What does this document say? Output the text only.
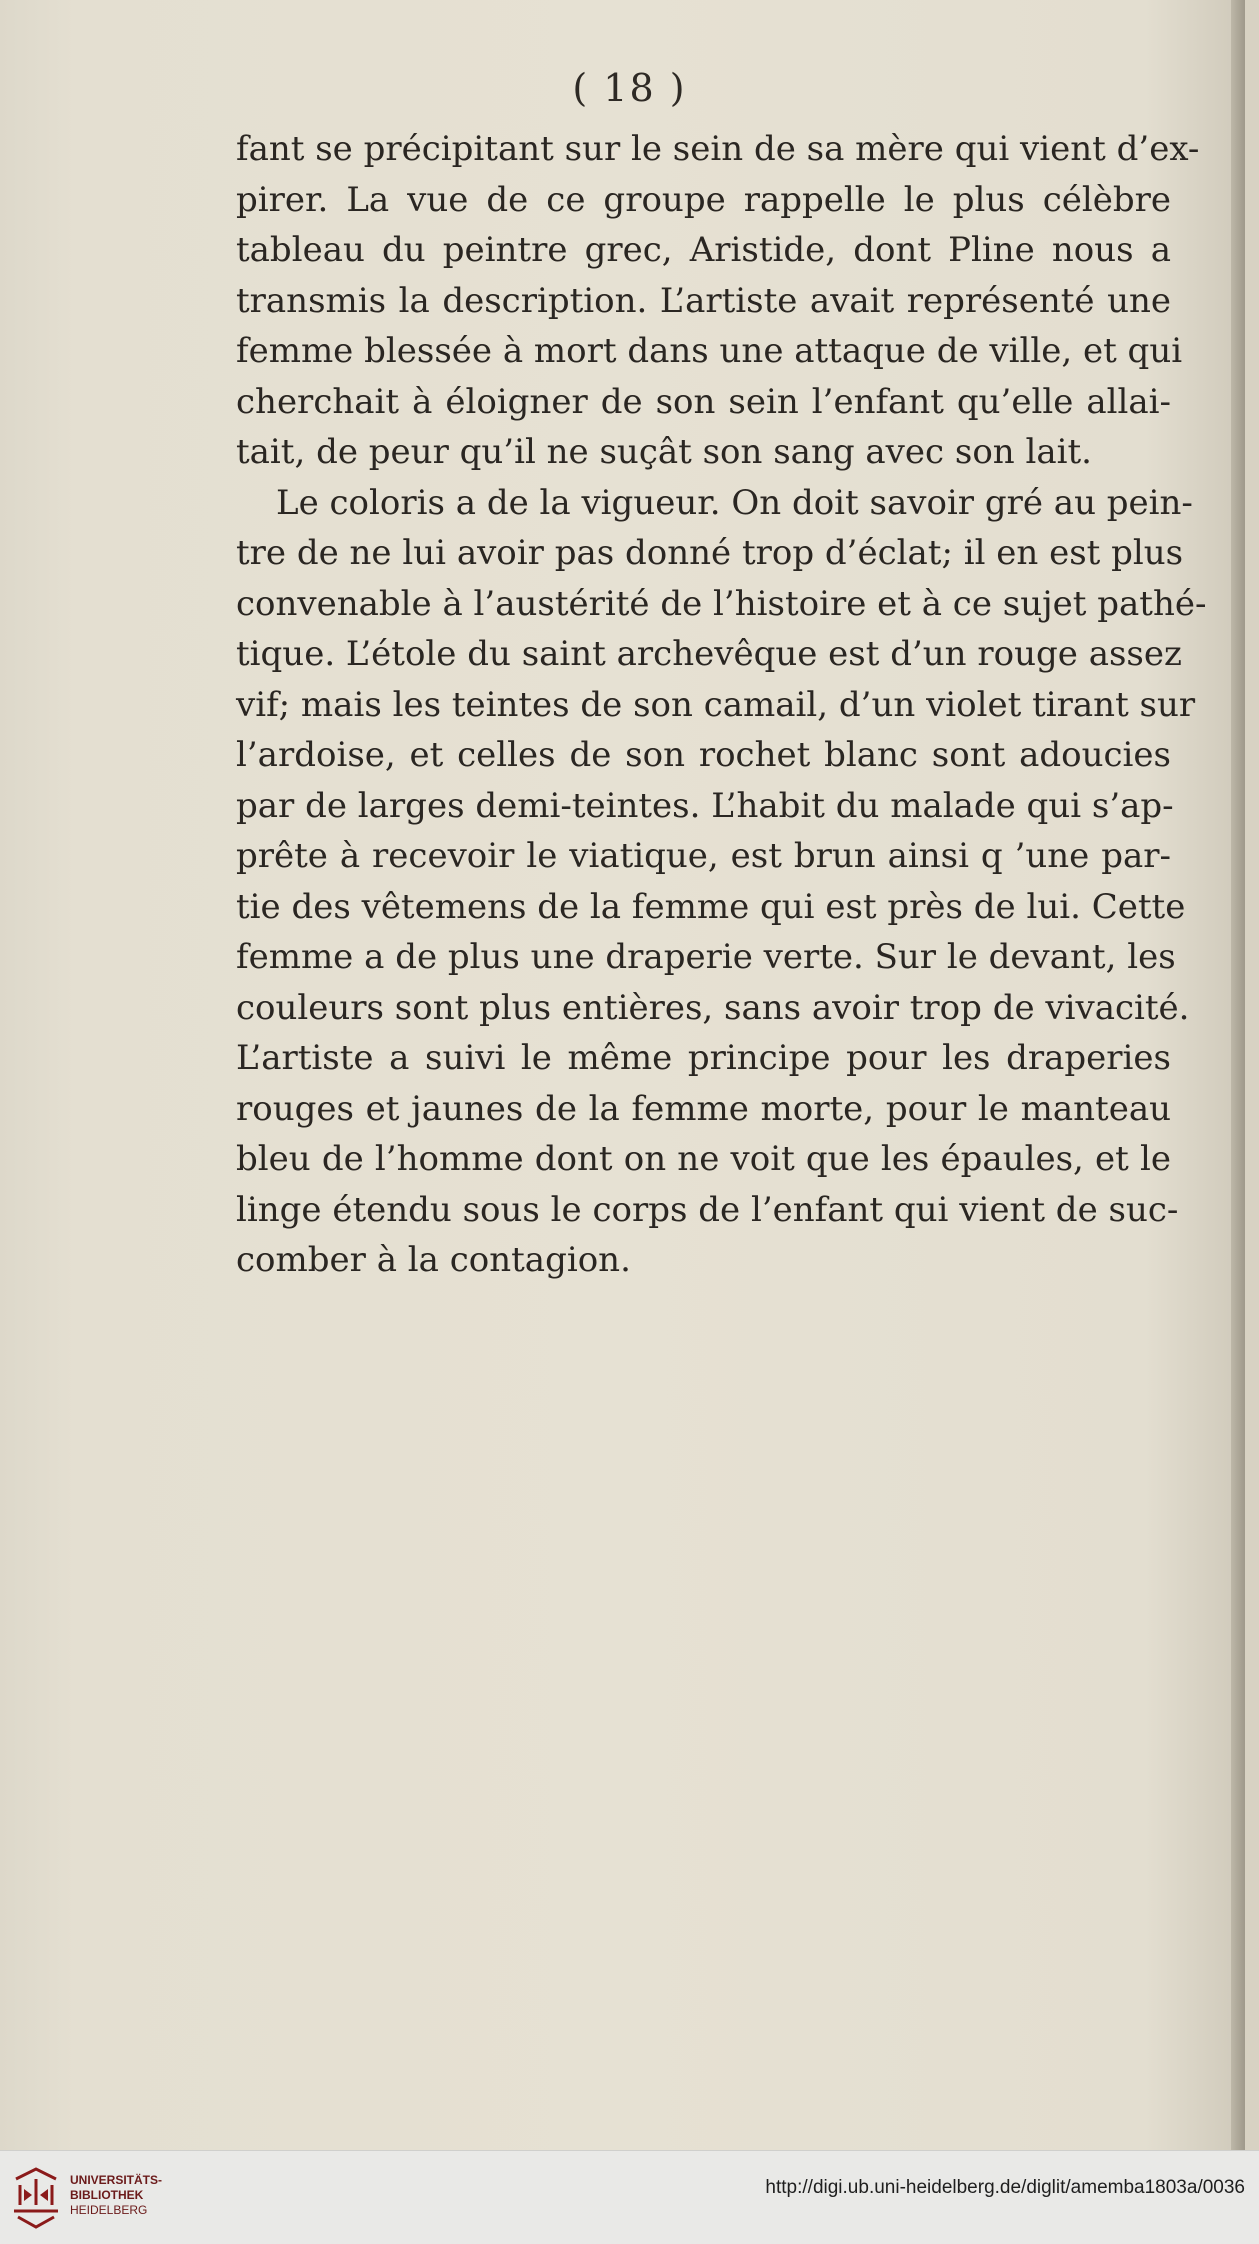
( 18 )
fant se précipitant sur le sein de sa mère qui vient d’ex-
pirer. La vue de ce groupe rappelle le plus célèbre
tableau du peintre grec, Aristide, dont Pline nous a
transmis la description. L’artiste avait représenté une
femme blessée à mort dans une attaque de ville, et qui
cherchait à éloigner de son sein l’enfant qu’elle allai-
tait, de peur qu’il ne suçât son sang avec son lait.
Le coloris a de la vigueur. On doit savoir gré au pein-
tre de ne lui avoir pas donné trop d’éclat; il en est plus
convenable à l’austérité de l’histoire et à ce sujet pathé-
tique. L’étole du saint archevêque est d’un rouge assez
vif; mais les teintes de son camail, d’un violet tirant sur
l’ardoise, et celles de son rochet blanc sont adoucies
par de larges demi-teintes. L’habit du malade qui s’ap-
prête à recevoir le viatique, est brun ainsi q ’une par-
tie des vêtemens de la femme qui est près de lui. Cette
femme a de plus une draperie verte. Sur le devant, les
couleurs sont plus entières, sans avoir trop de vivacité.
L’artiste a suivi le même principe pour les draperies
rouges et jaunes de la femme morte, pour le manteau
bleu de l’homme dont on ne voit que les épaules, et le
linge étendu sous le corps de l’enfant qui vient de suc-
comber à la contagion.
UNIVERSITÄTS-
BIBLIOTHEK
HEIDELBERG
http://digi.ub.uni-heidelberg.de/diglit/amemba1803a/0036
